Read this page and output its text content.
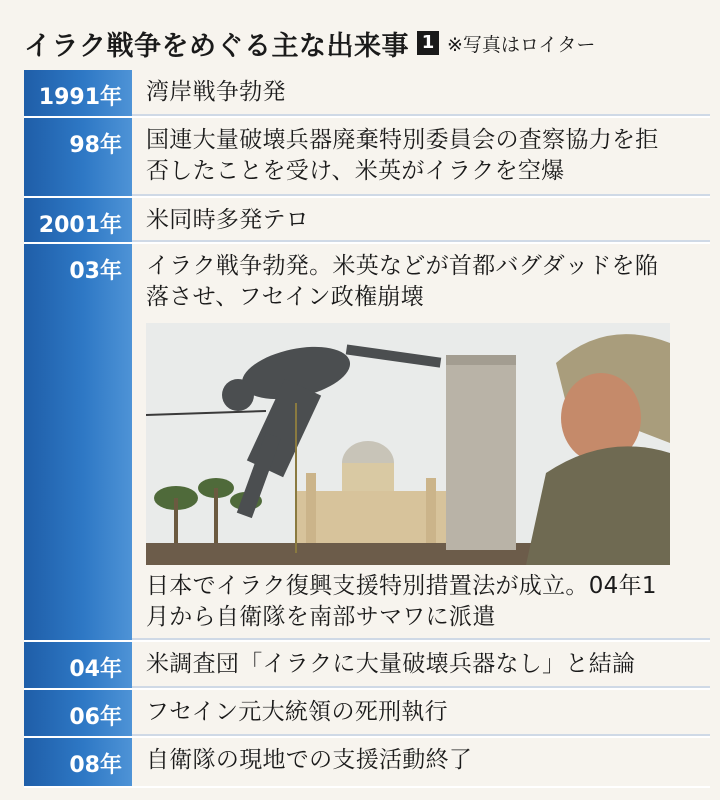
イラク戦争をめぐる主な出来事 1 ※写真はロイター
1991年	湾岸戦争勃発
98年	国連大量破壊兵器廃棄特別委員会の査察協力を拒否したことを受け、米英がイラクを空爆
2001年	米同時多発テロ
03年	イラク戦争勃発。米英などが首都バグダッドを陥落させ、フセイン政権崩壊
日本でイラク復興支援特別措置法が成立。04年1月から自衛隊を南部サマワに派遣
04年	米調査団「イラクに大量破壊兵器なし」と結論
06年	フセイン元大統領の死刑執行
08年	自衛隊の現地での支援活動終了
